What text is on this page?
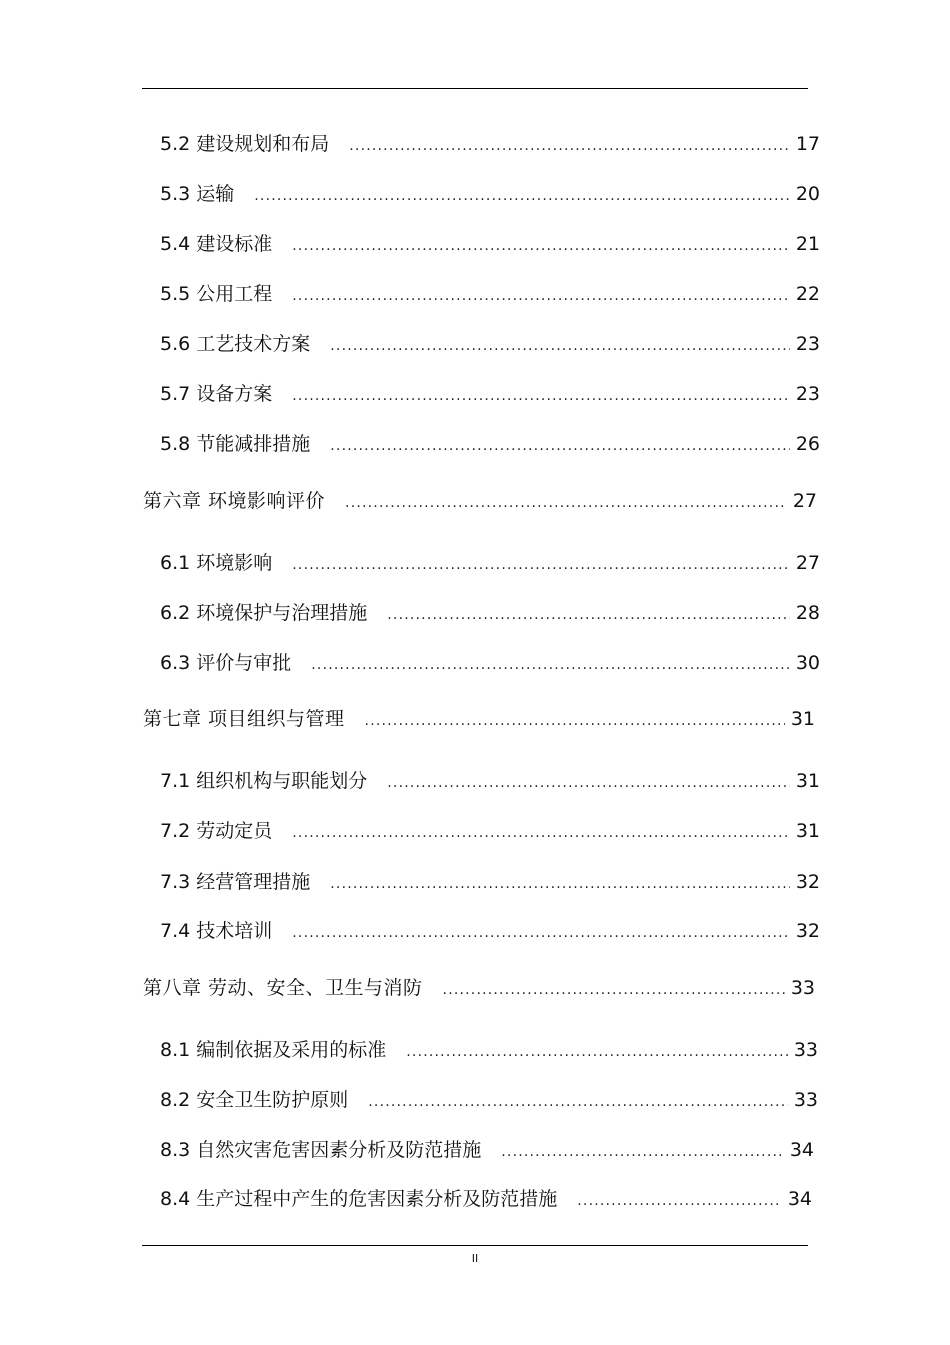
5.2 建设规划和布局 .....	17
5.3 运输 .....	20
5.4 建设标准 .....	21
5.5 公用工程 .....	22
5.6 工艺技术方案 .....	23
5.7 设备方案 .....	23
5.8 节能减排措施 .....	26
第六章 环境影响评价 .....	27
6.1 环境影响 .....	27
6.2 环境保护与治理措施 .....	28
6.3 评价与审批 .....	30
第七章 项目组织与管理 .....	31
7.1 组织机构与职能划分 .....	31
7.2 劳动定员 .....	31
7.3 经营管理措施 .....	32
7.4 技术培训 .....	32
第八章 劳动、安全、卫生与消防 .....	33
8.1 编制依据及采用的标准 .....	33
8.2 安全卫生防护原则 .....	33
8.3 自然灾害危害因素分析及防范措施 .....	34
8.4 生产过程中产生的危害因素分析及防范措施 .....	34
II
